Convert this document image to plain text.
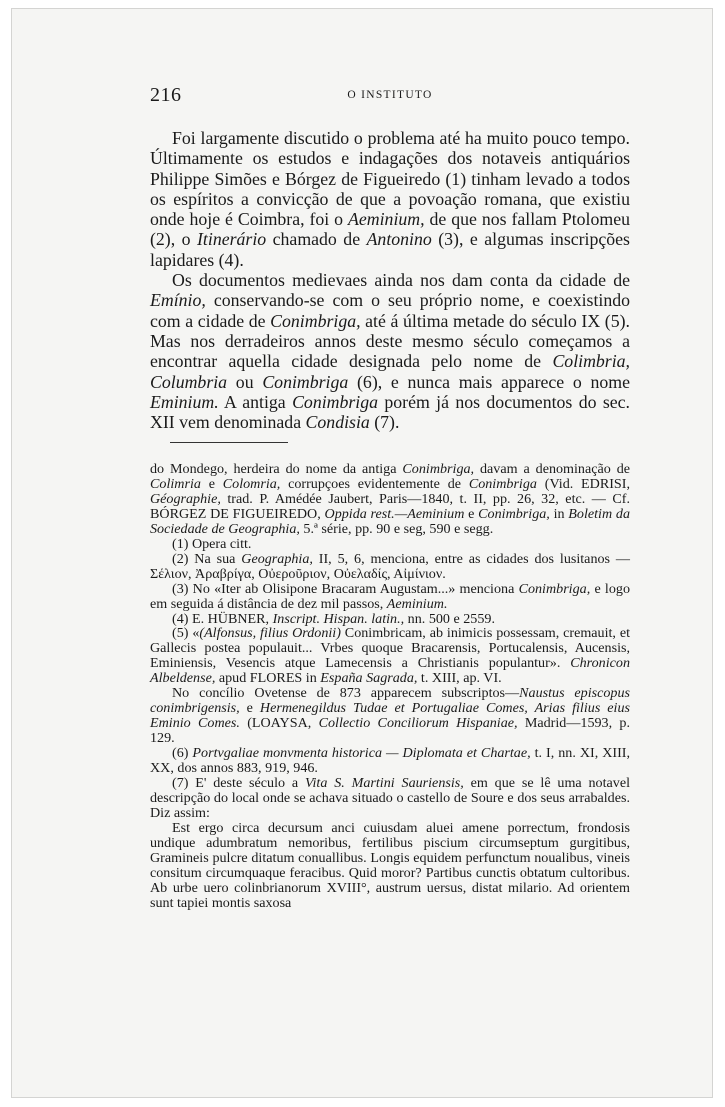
216	O INSTITUTO

Foi largamente discutido o problema até ha muito pouco tempo. Últimamente os estudos e indagações dos notaveis antiquários Philippe Simões e Bórgez de Figueiredo (1) tinham levado a todos os espíritos a convicção de que a povoação romana, que existiu onde hoje é Coimbra, foi o Aeminium, de que nos fallam Ptolomeu (2), o Itinerário chamado de Antonino (3), e algumas inscripções lapidares (4).

Os documentos medievaes ainda nos dam conta da cidade de Emínio, conservando-se com o seu próprio nome, e coexistindo com a cidade de Conimbriga, até á última metade do século IX (5). Mas nos derradeiros annos deste mesmo século começamos a encontrar aquella cidade designada pelo nome de Colimbria, Columbria ou Conimbriga (6), e nunca mais apparece o nome Eminium. A antiga Conimbriga porém já nos documentos do sec. XII vem denominada Condisia (7).

do Mondego, herdeira do nome da antiga Conimbriga, davam a denominação de Colimria e Colomria, corrupçoes evidentemente de Conimbriga (Vid. EDRISI, Géographie, trad. P. Amédée Jaubert, Paris—1840, t. II, pp. 26, 32, etc. — Cf. BÓRGEZ DE FIGUEIREDO, Oppida rest.—Aeminium e Conimbriga, in Boletim da Sociedade de Geographia, 5.ª série, pp. 90 e seg, 590 e segg.

(1) Opera citt.

(2) Na sua Geographia, II, 5, 6, menciona, entre as cidades dos lusitanos — Σέλιον, Ἀραβρίγα, Οὐεροῦριον, Οὐελαδίς, Αἰμίνιον.

(3) No «Iter ab Olisipone Bracaram Augustam...» menciona Conimbriga, e logo em seguida á distância de dez mil passos, Aeminium.

(4) E. HÜBNER, Inscript. Hispan. latin., nn. 500 e 2559.

(5) «(Alfonsus, filius Ordonii) Conimbricam, ab inimicis possessam, cremauit, et Gallecis postea populauit... Vrbes quoque Bracarensis, Portucalensis, Aucensis, Eminiensis, Vesencis atque Lamecensis a Christianis populantur». Chronicon Albeldense, apud FLORES in España Sagrada, t. XIII, ap. VI.

No concílio Ovetense de 873 apparecem subscriptos—Naustus episcopus conimbrigensis, e Hermenegildus Tudae et Portugaliae Comes, Arias filius eius Eminio Comes. (LOAYSA, Collectio Conciliorum Hispaniae, Madrid—1593, p. 129.

(6) Portvgaliae monvmenta historica — Diplomata et Chartae, t. I, nn. XI, XIII, XX, dos annos 883, 919, 946.

(7) E' deste século a Vita S. Martini Sauriensis, em que se lê uma notavel descripção do local onde se achava situado o castello de Soure e dos seus arrabaldes. Diz assim:

Est ergo circa decursum anci cuiusdam aluei amene porrectum, frondosis undique adumbratum nemoribus, fertilibus piscium circumseptum gurgitibus, Gramineis pulcre ditatum conuallibus. Longis equidem perfunctum noualibus, vineis consitum circumquaque feracibus. Quid moror? Partibus cunctis obtatum cultoribus. Ab urbe uero colinbrianorum XVIII°, austrum uersus, distat milario. Ad orientem sunt tapiei montis saxosa
